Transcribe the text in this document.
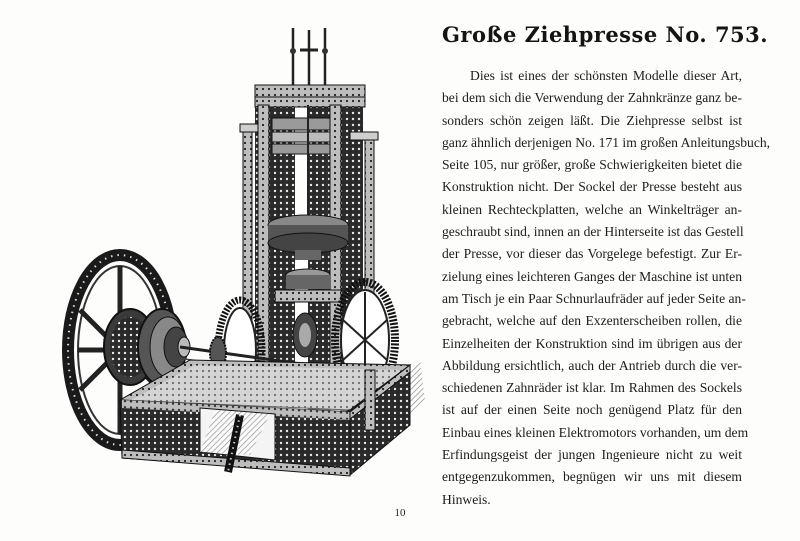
Große Ziehpresse No. 753.
Dies ist eines der schönsten Modelle dieser Art,
bei dem sich die Verwendung der Zahnkränze ganz be-
sonders schön zeigen läßt. Die Ziehpresse selbst ist
ganz ähnlich derjenigen No. 171 im großen Anleitungsbuch,
Seite 105, nur größer, große Schwierigkeiten bietet die
Konstruktion nicht. Der Sockel der Presse besteht aus
kleinen Rechteckplatten, welche an Winkelträger an-
geschraubt sind, innen an der Hinterseite ist das Gestell
der Presse, vor dieser das Vorgelege befestigt. Zur Er-
zielung eines leichteren Ganges der Maschine ist unten
am Tisch je ein Paar Schnurlaufräder auf jeder Seite an-
gebracht, welche auf den Exzenterscheiben rollen, die
Einzelheiten der Konstruktion sind im übrigen aus der
Abbildung ersichtlich, auch der Antrieb durch die ver-
schiedenen Zahnräder ist klar. Im Rahmen des Sockels
ist auf der einen Seite noch genügend Platz für den
Einbau eines kleinen Elektromotors vorhanden, um dem
Erfindungsgeist der jungen Ingenieure nicht zu weit
entgegenzukommen, begnügen wir uns mit diesem
Hinweis.
10
